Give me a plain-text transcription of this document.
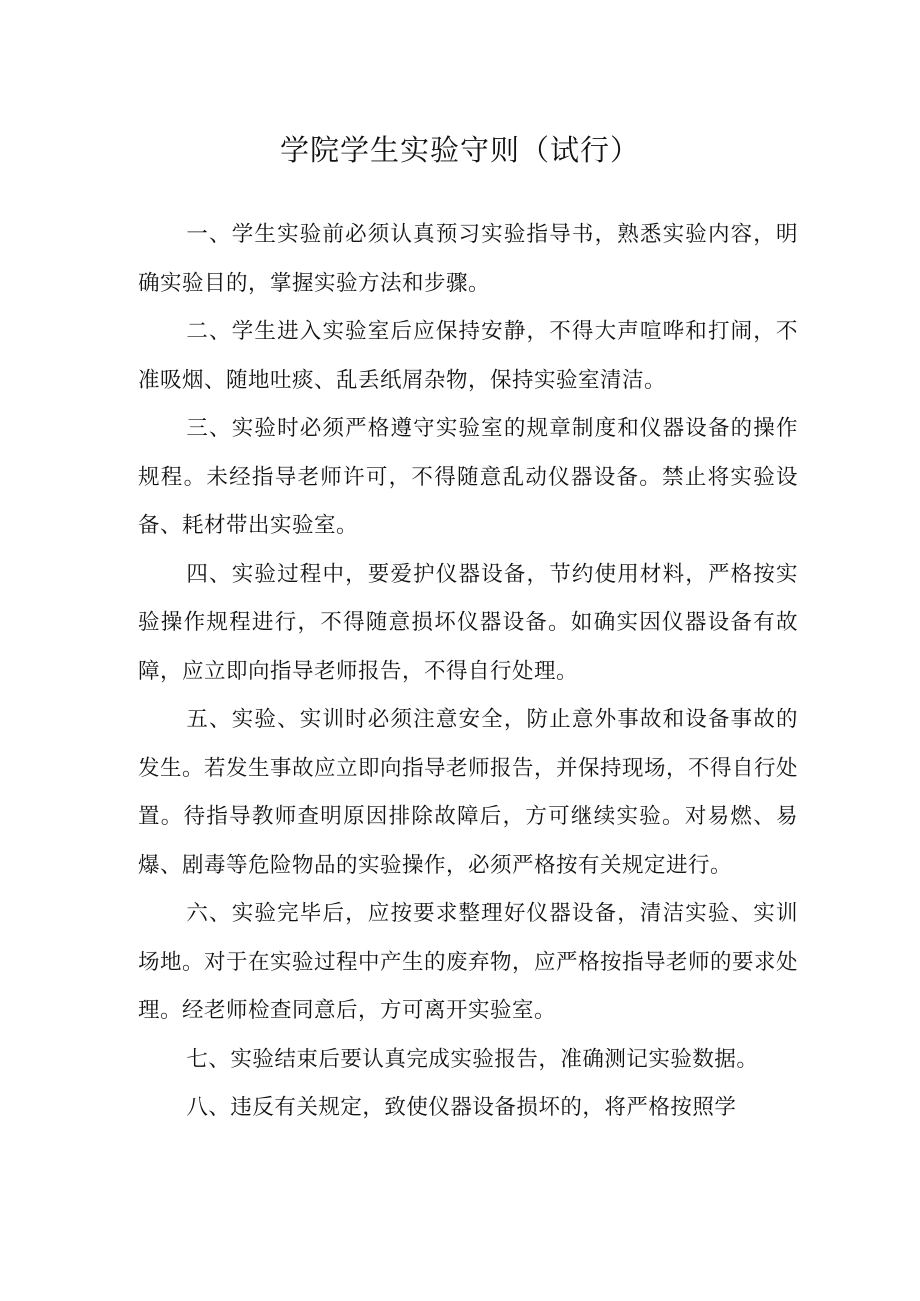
学院学生实验守则（试行）

一、学生实验前必须认真预习实验指导书，熟悉实验内容，明确实验目的，掌握实验方法和步骤。

二、学生进入实验室后应保持安静，不得大声喧哗和打闹，不准吸烟、随地吐痰、乱丢纸屑杂物，保持实验室清洁。

三、实验时必须严格遵守实验室的规章制度和仪器设备的操作规程。未经指导老师许可，不得随意乱动仪器设备。禁止将实验设备、耗材带出实验室。

四、实验过程中，要爱护仪器设备，节约使用材料，严格按实验操作规程进行，不得随意损坏仪器设备。如确实因仪器设备有故障，应立即向指导老师报告，不得自行处理。

五、实验、实训时必须注意安全，防止意外事故和设备事故的发生。若发生事故应立即向指导老师报告，并保持现场，不得自行处置。待指导教师查明原因排除故障后，方可继续实验。对易燃、易爆、剧毒等危险物品的实验操作，必须严格按有关规定进行。

六、实验完毕后，应按要求整理好仪器设备，清洁实验、实训场地。对于在实验过程中产生的废弃物，应严格按指导老师的要求处理。经老师检查同意后，方可离开实验室。

七、实验结束后要认真完成实验报告，准确测记实验数据。

八、违反有关规定，致使仪器设备损坏的，将严格按照学
